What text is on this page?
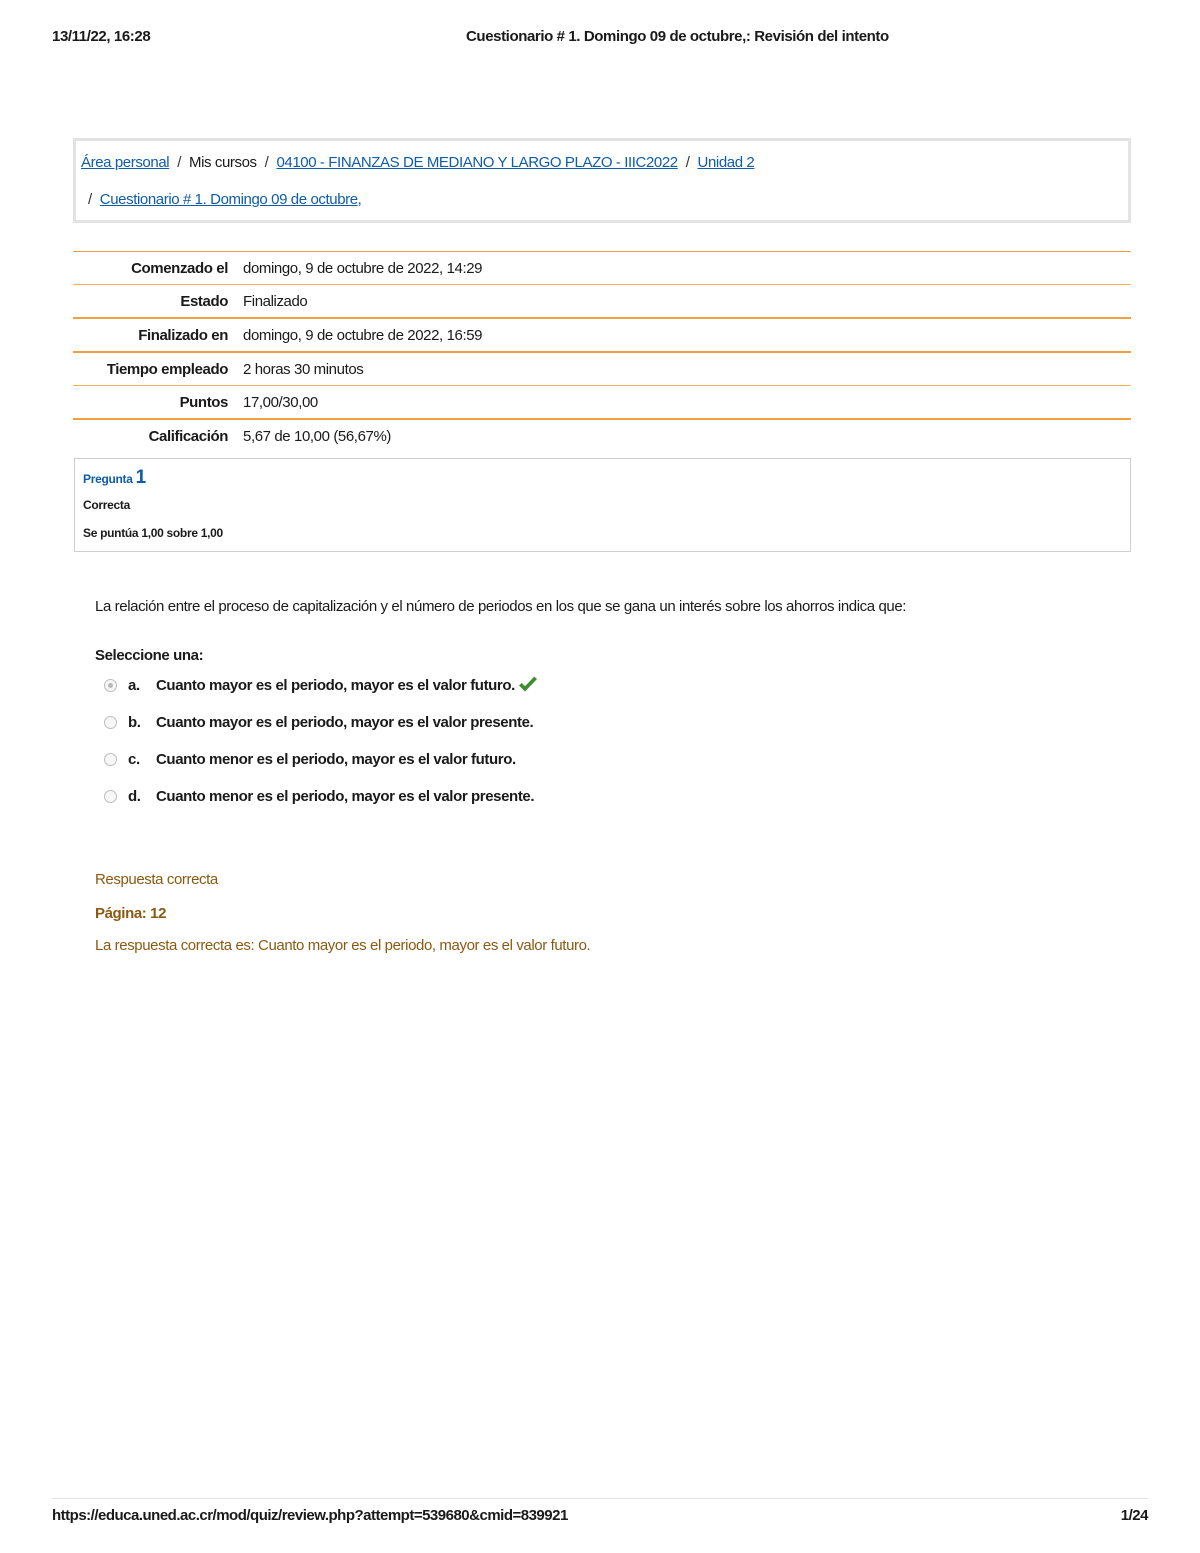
13/11/22, 16:28	Cuestionario # 1. Domingo 09 de octubre,: Revisión del intento
Área personal / Mis cursos / 04100 - FINANZAS DE MEDIANO Y LARGO PLAZO - IIIC2022 / Unidad 2
/ Cuestionario # 1. Domingo 09 de octubre,
Comenzado el	domingo, 9 de octubre de 2022, 14:29
Estado	Finalizado
Finalizado en	domingo, 9 de octubre de 2022, 16:59
Tiempo empleado	2 horas 30 minutos
Puntos	17,00/30,00
Calificación	5,67 de 10,00 (56,67%)
Pregunta 1
Correcta
Se puntúa 1,00 sobre 1,00
La relación entre el proceso de capitalización y el número de periodos en los que se gana un interés sobre los ahorros indica que:
Seleccione una:
a.	Cuanto mayor es el periodo, mayor es el valor futuro.
b.	Cuanto mayor es el periodo, mayor es el valor presente.
c.	Cuanto menor es el periodo, mayor es el valor futuro.
d.	Cuanto menor es el periodo, mayor es el valor presente.
Respuesta correcta
Página: 12
La respuesta correcta es: Cuanto mayor es el periodo, mayor es el valor futuro.
https://educa.uned.ac.cr/mod/quiz/review.php?attempt=539680&cmid=839921	1/24
